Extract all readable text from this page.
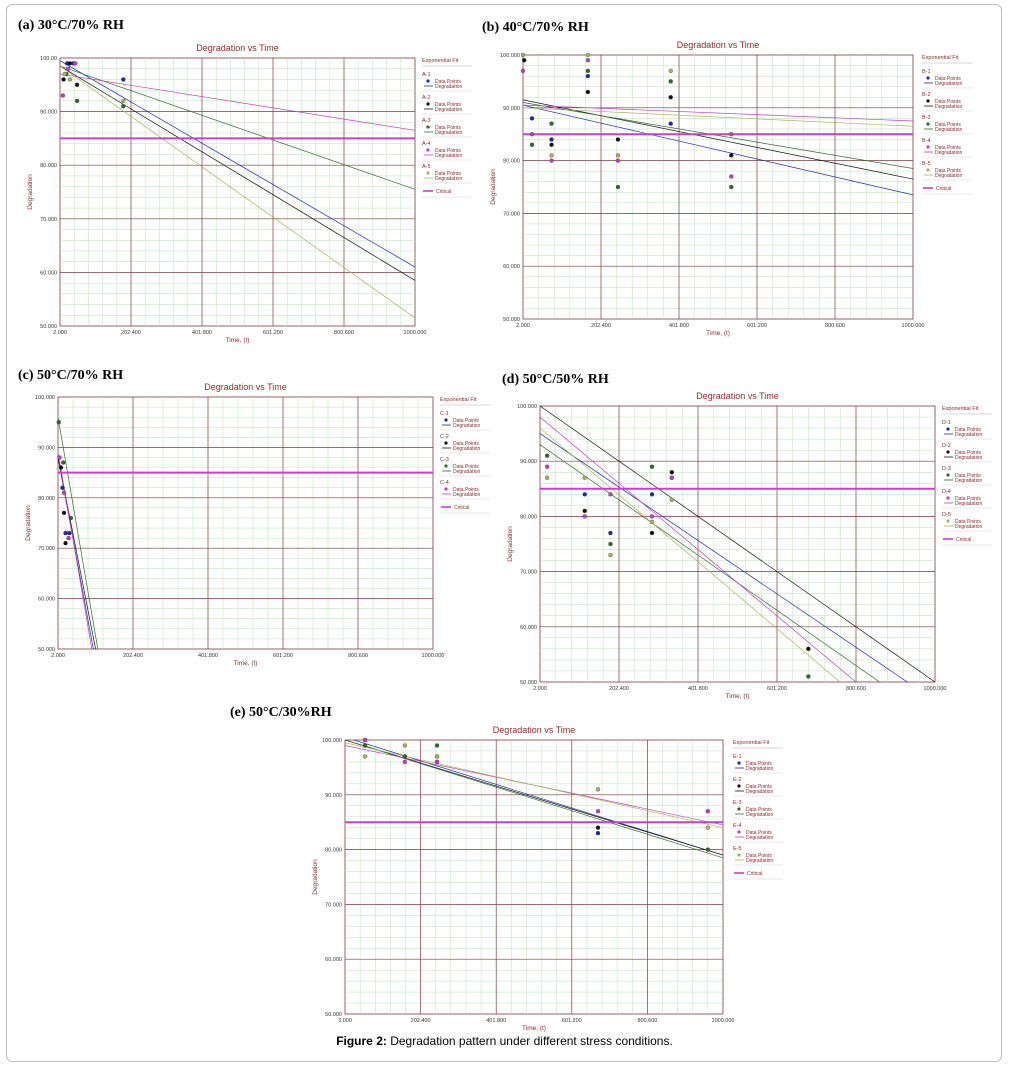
(a) 30°C/70% RH	(b) 40°C/70% RH
(c) 50°C/70% RH	(d) 50°C/50% RH
(e) 50°C/30%RH
Degradation vs Time
2.000	202.400	401.800	601.200	800.600	1000.000
50.000
60.000
70.000
80.000
90.000
100.00
Time, (t)
Degradation
Exponential Fit
A-1
Data Points
Degradation
A-2
Data Points
Degradation
A-3
Data Points
Degradation
A-4
Data Points
Degradation
A-5
Data Points
Degradation
Critical
Degradation vs Time
2.000	202.400	401.800	601.200	800.600	1000.000
50.000
60.000
70.000
80.000
90.000
100.000
Time, (t)
Degradation
Exponential Fit
B-1
Data Points
Degradation
B-2
Data Points
Degradation
B-3
Data Points
Degradation
B-4
Data Points
Degradation
B-5
Data Points
Degradation
Critical
Degradation vs Time
2.000	202.400	401.800	601.200	800.600	1000.000
50.000
60.000
70.000
80.000
90.000
100.000
Time, (t)
Degradation
Exponential Fit
C-1
Data Points
Degradation
C-2
Data Points
Degradation
C-3
Data Points
Degradation
C-4
Data Points
Degradation
Critical
Degradation vs Time
2.000	202.400	401.800	601.200	800.600	1000.000
50.000
60.000
70.000
80.000
90.000
100.000
Time, (t)
Degradation
Exponential Fit
D-1
Data Points
Degradation
D-2
Data Points
Degradation
D-3
Data Points
Degradation
D-4
Data Points
Degradation
D-5
Data Points
Degradation
Critical
Degradation vs Time
3.000	202.400	401.800	601.200	800.600	1000.000
50.000
60.000
70.000
80.000
90.000
100.000
Time, (t)
Degradation
Exponential Fit
E-1
Data Points
Degradation
E-2
Data Points
Degradation
E-3
Data Points
Degradation
E-4
Data Points
Degradation
E-5
Data Points
Degradation
Critical
Figure 2: Degradation pattern under different stress conditions.
